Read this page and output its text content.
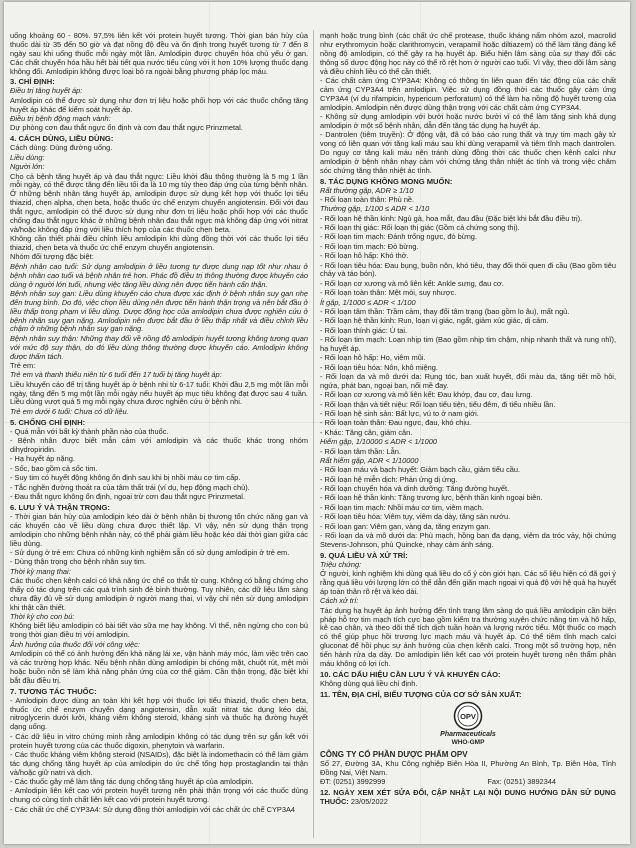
uống khoảng 60 - 80%. 97,5% liên kết với protein huyết tương. Thời gian bán hủy của thuốc dài từ 35 đến 50 giờ và đạt nồng độ đều và ổn định trong huyết tương từ 7 đến 8 ngày sau khi uống thuốc mỗi ngày một lần. Amlodipin được chuyển hóa chủ yếu ở gan. Các chất chuyển hóa hầu hết bài tiết qua nước tiểu cùng với ít hơn 10% lượng thuốc dạng không đổi. Amlodipin không được loại bỏ ra ngoài bằng phương pháp lọc máu.

3. CHỈ ĐỊNH:

Điều trị tăng huyết áp:

Amlodipin có thể được sử dụng như đơn trị liệu hoặc phối hợp với các thuốc chống tăng huyết áp khác để kiểm soát huyết áp.

Điều trị bệnh động mạch vành:

Dự phòng cơn đau thắt ngực ổn định và cơn đau thắt ngực Prinzmetal.

4. CÁCH DÙNG, LIỀU DÙNG:

Cách dùng: Dùng đường uống.

Liều dùng:

Người lớn:

Cho cả bệnh tăng huyết áp và đau thắt ngực: Liều khởi đầu thông thường là 5 mg 1 lần mỗi ngày, có thể được tăng đến liều tối đa là 10 mg tùy theo đáp ứng của từng bệnh nhân. Ở những bệnh nhân tăng huyết áp, amlodipin được sử dụng kết hợp với thuốc lợi tiểu thiazid, chẹn alpha, chẹn beta, hoặc thuốc ức chế enzym chuyển angiotensin. Đối với đau thắt ngực, amlodipin có thể được sử dụng như đơn trị liệu hoặc phối hợp với các thuốc chống đau thắt ngực khác ở những bệnh nhân đau thắt ngực mà không đáp ứng với nitrat và/hoặc không đáp ứng với liều thích hợp của các thuốc chẹn beta.

Không cần thiết phải điều chỉnh liều amlodipin khi dùng đồng thời với các thuốc lợi tiểu thiazid, chẹn beta và thuốc ức chế enzym chuyển angiotensin.

Nhóm đối tượng đặc biệt:

Bệnh nhân cao tuổi: Sử dụng amlodipin ở liều tương tự được dung nạp tốt như nhau ở bệnh nhân cao tuổi và bệnh nhân trẻ hơn. Phác đồ điều trị thông thường được khuyến cáo dùng ở người lớn tuổi, nhưng việc tăng liều dùng nên được tiến hành cẩn thận.

Bệnh nhân suy gan: Liều dùng khuyến cáo chưa được xác định ở bệnh nhân suy gan nhẹ đến trung bình. Do đó, việc chọn liều dùng nên được tiến hành thận trọng và nên bắt đầu ở liều thấp trong phạm vi liều dùng. Dược động học của amlodipin chưa được nghiên cứu ở bệnh nhân suy gan nặng. Amlodipin nên được bắt đầu ở liều thấp nhất và điều chỉnh liều chậm ở những bệnh nhân suy gan nặng.

Bệnh nhân suy thận: Những thay đổi về nồng độ amlodipin huyết tương không tương quan với mức độ suy thận, do đó liều dùng thông thường được khuyến cáo. Amlodipin không được thẩm tách.

Trẻ em:

Trẻ em và thanh thiếu niên từ 6 tuổi đến 17 tuổi bị tăng huyết áp:

Liều khuyến cáo để trị tăng huyết áp ở bệnh nhi từ 6-17 tuổi: Khởi đầu 2,5 mg một lần mỗi ngày, tăng đến 5 mg một lần mỗi ngày nếu huyết áp mục tiêu không đạt được sau 4 tuần. Liều dùng vượt quá 5 mg mỗi ngày chưa được nghiên cứu ở bệnh nhi.

Trẻ em dưới 6 tuổi: Chưa có dữ liệu.

5. CHỐNG CHỈ ĐỊNH:

- Quá mẫn với bất kỳ thành phần nào của thuốc.

- Bệnh nhân được biết mẫn cảm với amlodipin và các thuốc khác trong nhóm dihydropiridin.

- Hạ huyết áp nặng.

- Sốc, bao gồm cả sốc tim.

- Suy tim có huyết động không ổn định sau khi bị nhồi máu cơ tim cấp.

- Tắc nghẽn đường thoát ra của tâm thất trái (ví dụ, hẹp động mạch chủ).

- Đau thắt ngực không ổn định, ngoại trừ cơn đau thắt ngực Prinzmetal.

6. LƯU Ý VÀ THẬN TRỌNG:

- Thời gian bán hủy của amlodipin kéo dài ở bệnh nhân bị thương tổn chức năng gan và các khuyến cáo về liều dùng chưa được thiết lập. Vì vậy, nên sử dụng thận trọng amlodipin cho những bệnh nhân này, có thể phải giảm liều hoặc kéo dài thời gian giữa các liều dùng.

- Sử dụng ở trẻ em: Chưa có những kinh nghiệm sẵn có sử dụng amlodipin ở trẻ em.

- Dùng thận trọng cho bệnh nhân suy tim.

Thời kỳ mang thai:

Các thuốc chẹn kênh calci có khả năng ức chế co thắt tử cung. Không có bằng chứng cho thấy có tác dụng trên các quá trình sinh đẻ bình thường. Tuy nhiên, các dữ liệu lâm sàng chưa đầy đủ về sử dụng amlodipin ở người mang thai, vì vậy chỉ nên sử dụng amlodipin khi thật cần thiết.

Thời kỳ cho con bú:

Không biết liệu amlodipin có bài tiết vào sữa mẹ hay không. Vì thế, nên ngừng cho con bú trong thời gian điều trị với amlodipin.

Ảnh hưởng của thuốc đối với công việc:

Amlodipin có thể có ảnh hưởng đến khả năng lái xe, vận hành máy móc, làm việc trên cao và các trường hợp khác. Nếu bệnh nhân dùng amlodipin bị chóng mặt, chuột rút, mệt mỏi hoặc buồn nôn sẽ làm khả năng phản ứng của cơ thể giảm. Cần thận trọng, đặc biệt khi bắt đầu điều trị.

7. TƯƠNG TÁC THUỐC:

- Amlodipin được dùng an toàn khi kết hợp với thuốc lợi tiểu thiazid, thuốc chẹn beta, thuốc ức chế enzym chuyển dạng angiotensin, dẫn xuất nitrat tác dụng kéo dài, nitroglycerin dưới lưỡi, kháng viêm không steroid, kháng sinh và thuốc hạ đường huyết dạng uống.

- Các dữ liệu in vitro chứng minh rằng amlodipin không có tác dụng trên sự gắn kết với protein huyết tương của các thuốc digoxin, phenytoin và warfarin.

- Các thuốc kháng viêm không steroid (NSAIDs), đặc biệt là indomethacin có thể làm giảm tác dụng chống tăng huyết áp của amlodipin do ức chế tổng hợp prostaglandin tại thận và/hoặc giữ natri và dịch.

- Các thuốc gây mê làm tăng tác dụng chống tăng huyết áp của amlodipin.

- Amlodipin liên kết cao với protein huyết tương nên phải thận trọng với các thuốc dùng chung có cùng tính chất liên kết cao với protein huyết tương.

- Các chất ức chế CYP3A4: Sử dụng đồng thời amlodipin với các chất ức chế CYP3A4

mạnh hoặc trung bình (các chất ức chế protease, thuốc kháng nấm nhóm azol, macrolid như erythromycin hoặc clarithromycin, verapamil hoặc diltiazem) có thể làm tăng đáng kể nồng độ amlodipin, có thể gây ra hạ huyết áp. Biểu hiện lâm sàng của sự thay đổi các thông số dược động học này có thể rõ rệt hơn ở người cao tuổi. Vì vậy, theo dõi lâm sàng và điều chỉnh liều có thể cần thiết.

- Các chất cảm ứng CYP3A4: Không có thông tin liên quan đến tác động của các chất cảm ứng CYP3A4 trên amlodipin. Việc sử dụng đồng thời các thuốc gây cảm ứng CYP3A4 (ví dụ rifampicin, hypericum perforatum) có thể làm hạ nồng độ huyết tương của amlodipin. Amlodipin nên được dùng thận trọng với các chất cảm ứng CYP3A4.

- Không sử dụng amlodipin với bưởi hoặc nước bưởi vì có thể làm tăng sinh khả dụng amlodipin ở một số bệnh nhân, dẫn đến tăng tác dụng hạ huyết áp.

- Dantrolen (tiêm truyền): Ở động vật, đã có báo cáo rung thất và trụy tim mạch gây tử vong có liên quan với tăng kali máu sau khi dùng verapamil và tiêm tĩnh mạch dantrolen. Do nguy cơ tăng kali máu nên tránh dùng đồng thời các thuốc chẹn kênh calci như amlodipin ở bệnh nhân nhạy cảm với chứng tăng thân nhiệt ác tính và trong việc chăm sóc chứng tăng thân nhiệt ác tính.

8. TÁC DỤNG KHÔNG MONG MUỐN:

Rất thường gặp, ADR ≥ 1/10

- Rối loạn toàn thân: Phù nề.

Thường gặp, 1/100 ≤ ADR < 1/10

- Rối loạn hệ thần kinh: Ngủ gà, hoa mắt, đau đầu (Đặc biệt khi bắt đầu điều trị).

- Rối loạn thị giác: Rối loạn thị giác (Gồm cả chứng song thị).

- Rối loạn tim mạch: Đánh trống ngực, đỏ bừng.

- Rối loạn tim mạch: Đỏ bừng.

- Rối loạn hô hấp: Khó thở.

- Rối loạn tiêu hóa: Đau bụng, buồn nôn, khó tiêu, thay đổi thói quen đi cầu (Bao gồm tiêu chảy và táo bón).

- Rối loạn cơ xương và mô liên kết: Ankle sưng, đau cơ.

- Rối loạn toàn thân: Mệt mỏi, suy nhược.

Ít gặp, 1/1000 ≤ ADR < 1/100

- Rối loạn tâm thần: Trầm cảm, thay đổi tâm trạng (bao gồm lo âu), mất ngủ.

- Rối loạn hệ thần kinh: Run, loạn vị giác, ngất, giảm xúc giác, dị cảm.

- Rối loạn thính giác: Ù tai.

- Rối loạn tim mạch: Loạn nhịp tim (Bao gồm nhịp tim chậm, nhịp nhanh thất và rung nhĩ), hạ huyết áp.

- Rối loạn hô hấp: Ho, viêm mũi.

- Rối loạn tiêu hóa: Nôn, khô miệng.

- Rối loạn da và mô dưới da: Rụng tóc, ban xuất huyết, đổi màu da, tăng tiết mồ hôi, ngứa, phát ban, ngoại ban, nổi mề đay.

- Rối loạn cơ xương và mô liên kết: Đau khớp, đau cơ, đau lưng.

- Rối loạn thận và tiết niệu: Rối loạn tiểu tiện, tiểu đêm, đi tiểu nhiều lần.

- Rối loạn hệ sinh sản: Bất lực, vú to ở nam giới.

- Rối loạn toàn thân: Đau ngực, đau, khó chịu.

- Khác: Tăng cân, giảm cân.

Hiếm gặp, 1/10000 ≤ ADR < 1/1000

- Rối loạn tâm thần: Lẫn.

Rất hiếm gặp, ADR < 1/10000

- Rối loạn máu và bạch huyết: Giảm bạch cầu, giảm tiểu cầu.

- Rối loạn hệ miễn dịch: Phản ứng dị ứng.

- Rối loạn chuyển hóa và dinh dưỡng: Tăng đường huyết.

- Rối loạn hệ thần kinh: Tăng trương lực, bệnh thần kinh ngoại biên.

- Rối loạn tim mạch: Nhồi máu cơ tim, viêm mạch.

- Rối loạn tiêu hóa: Viêm tụy, viêm dạ dày, tăng sản nướu.

- Rối loạn gan: Viêm gan, vàng da, tăng enzym gan.

- Rối loạn da và mô dưới da: Phù mạch, hồng ban đa dạng, viêm da tróc vảy, hội chứng Stevens-Johnson, phù Quincke, nhạy cảm ánh sáng.

9. QUÁ LIỀU VÀ XỬ TRÍ:

Triệu chứng:

Ở người, kinh nghiệm khi dùng quá liều do cố ý còn giới hạn. Các số liệu hiện có đã gợi ý rằng quá liều với lượng lớn có thể dẫn đến giãn mạch ngoại vi quá độ với hệ quả hạ huyết áp toàn thân rõ rệt và kéo dài.

Cách xử trí:

Tác dụng hạ huyết áp ảnh hưởng đến tình trạng lâm sàng do quá liều amlodipin cần biện pháp hỗ trợ tim mạch tích cực bao gồm kiểm tra thường xuyên chức năng tim và hô hấp, kê cao chân, và theo dõi thể tích dịch tuần hoàn và lượng nước tiểu. Một thuốc co mạch có thể giúp phục hồi trương lực mạch máu và huyết áp. Có thể tiêm tĩnh mạch calci gluconat để hồi phục sự ảnh hưởng của chẹn kênh calci. Trong một số trường hợp, nên tiến hành rửa dạ dày. Do amlodipin liên kết cao với protein huyết tương nên thẩm phân máu không có lợi ích.

10. CÁC DẤU HIỆU CẦN LƯU Ý VÀ KHUYẾN CÁO:

Không dùng quá liều chỉ định.

11. TÊN, ĐỊA CHỈ, BIỂU TƯỢNG CỦA CƠ SỞ SẢN XUẤT:
OPV
Pharmaceuticals
WHO-GMP

CÔNG TY CỔ PHẦN DƯỢC PHẨM OPV

Số 27, Đường 3A, Khu Công nghiệp Biên Hòa II, Phường An Bình, Tp. Biên Hòa, Tỉnh Đồng Nai, Việt Nam.

ĐT: (0251) 3992999	Fax: (0251) 3892344

12. NGÀY XEM XÉT SỬA ĐỔI, CẬP NHẬT LẠI NỘI DUNG HƯỚNG DẪN SỬ DỤNG THUỐC: 23/05/2022
